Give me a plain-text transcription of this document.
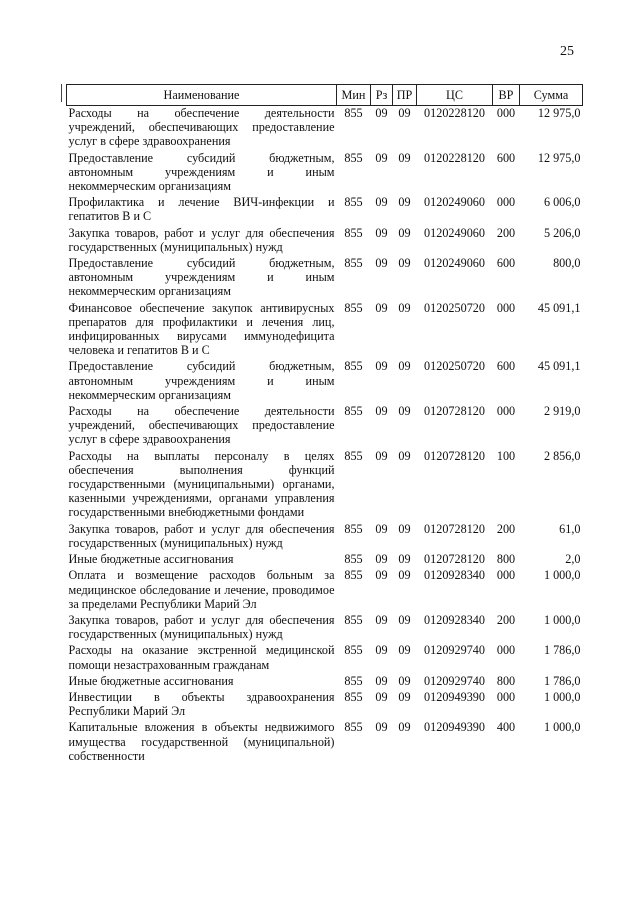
25
Наименование	Мин	Рз	ПР	ЦС	ВР	Сумма
Расходы на обеспечение деятельности учреждений, обеспечивающих предоставление услуг в сфере здравоохранения	855	09	09	0120228120	000	12 975,0
Предоставление субсидий бюджетным, автономным учреждениям и иным некоммерческим организациям	855	09	09	0120228120	600	12 975,0
Профилактика и лечение ВИЧ-инфекции и гепатитов В и С	855	09	09	0120249060	000	6 006,0
Закупка товаров, работ и услуг для обеспечения государственных (муниципальных) нужд	855	09	09	0120249060	200	5 206,0
Предоставление субсидий бюджетным, автономным учреждениям и иным некоммерческим организациям	855	09	09	0120249060	600	800,0
Финансовое обеспечение закупок антивирусных препаратов для профилактики и лечения лиц, инфицированных вирусами иммунодефицита человека и гепатитов В и С	855	09	09	0120250720	000	45 091,1
Предоставление субсидий бюджетным, автономным учреждениям и иным некоммерческим организациям	855	09	09	0120250720	600	45 091,1
Расходы на обеспечение деятельности учреждений, обеспечивающих предоставление услуг в сфере здравоохранения	855	09	09	0120728120	000	2 919,0
Расходы на выплаты персоналу в целях обеспечения выполнения функций государственными (муниципальными) органами, казенными учреждениями, органами управления государственными внебюджетными фондами	855	09	09	0120728120	100	2 856,0
Закупка товаров, работ и услуг для обеспечения государственных (муниципальных) нужд	855	09	09	0120728120	200	61,0
Иные бюджетные ассигнования	855	09	09	0120728120	800	2,0
Оплата и возмещение расходов больным за медицинское обследование и лечение, проводимое за пределами Республики Марий Эл	855	09	09	0120928340	000	1 000,0
Закупка товаров, работ и услуг для обеспечения государственных (муниципальных) нужд	855	09	09	0120928340	200	1 000,0
Расходы на оказание экстренной медицинской помощи незастрахованным гражданам	855	09	09	0120929740	000	1 786,0
Иные бюджетные ассигнования	855	09	09	0120929740	800	1 786,0
Инвестиции в объекты здравоохранения Республики Марий Эл	855	09	09	0120949390	000	1 000,0
Капитальные вложения в объекты недвижимого имущества государственной (муниципальной) собственности	855	09	09	0120949390	400	1 000,0
